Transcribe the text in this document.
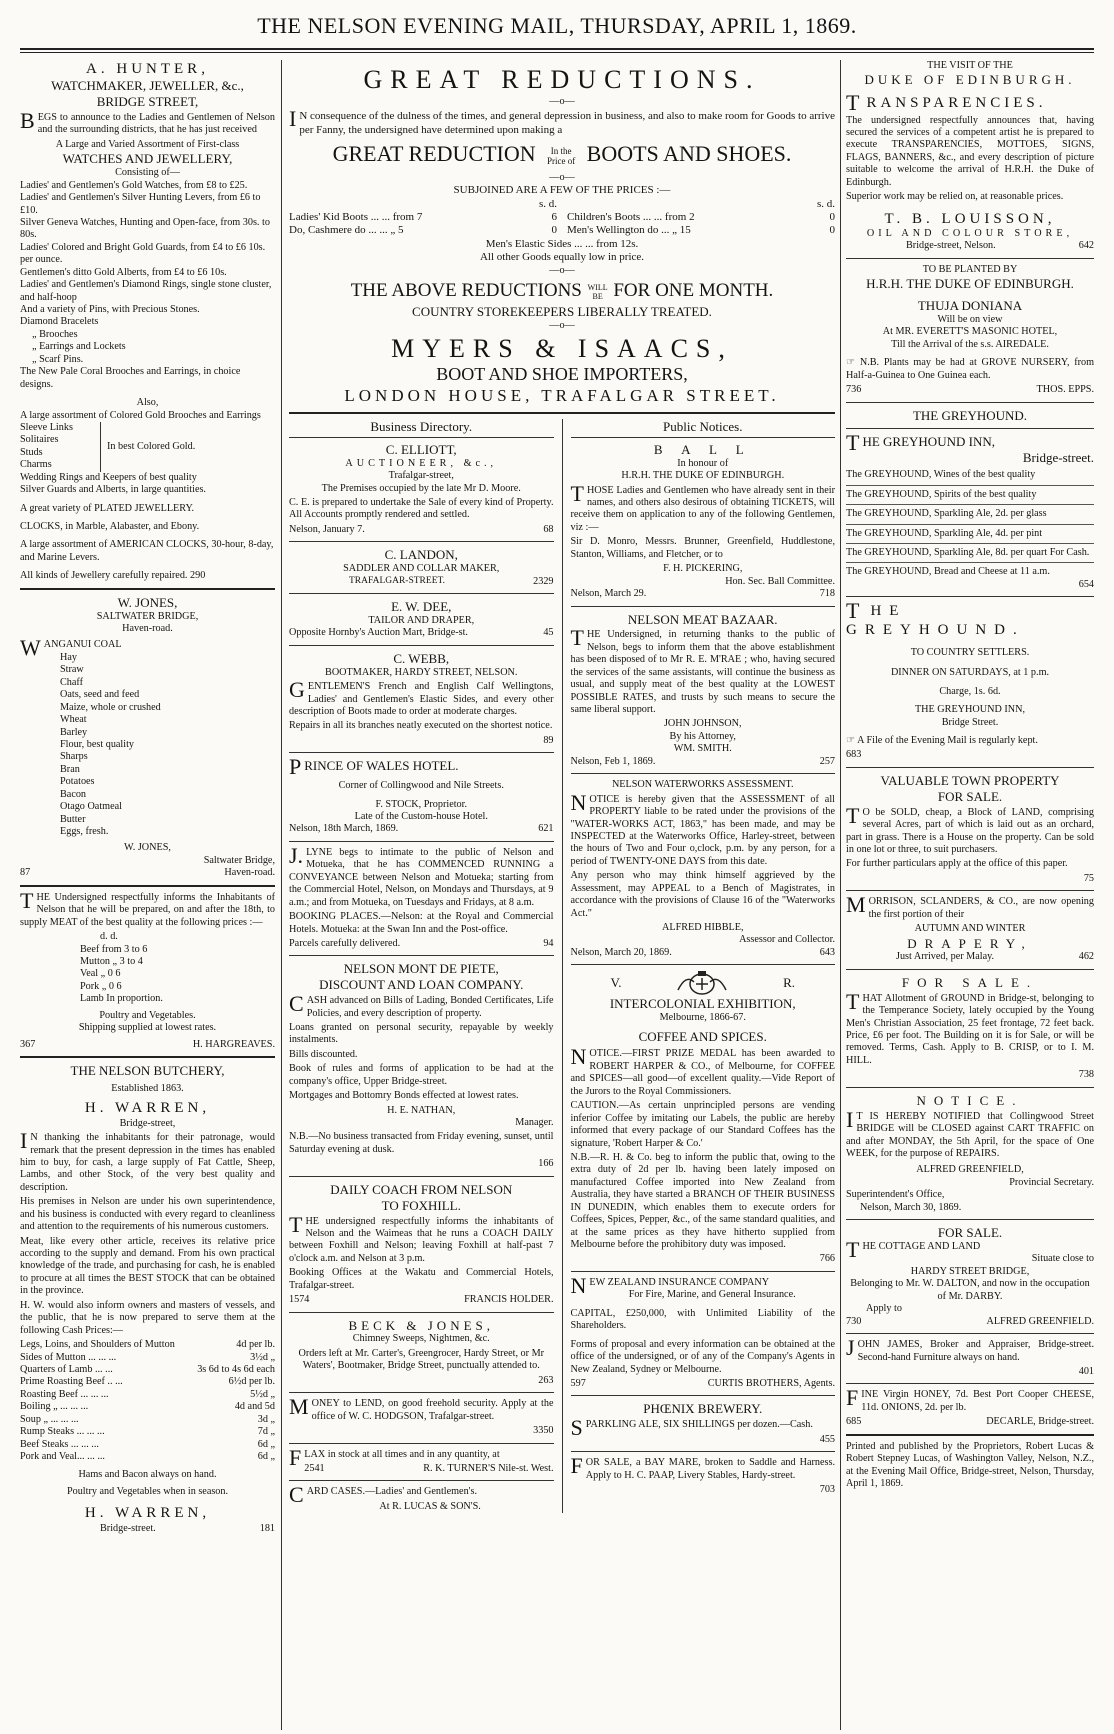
THE NELSON EVENING MAIL, THURSDAY, APRIL 1, 1869.
A. HUNTER,
WATCHMAKER, JEWELLER, &c.,
BRIDGE STREET,

BEGS to announce to the Ladies and Gentlemen of Nelson and the surrounding districts, that he has just received

A Large and Varied Assortment of First-class
WATCHES AND JEWELLERY,
Consisting of—
Ladies' and Gentlemen's Gold Watches, from £8 to £25.
Ladies' and Gentlemen's Silver Hunting Levers, from £6 to £10.
Silver Geneva Watches, Hunting and Open-face, from 30s. to 80s.
Ladies' Colored and Bright Gold Guards, from £4 to £6 10s. per ounce.
Gentlemen's ditto Gold Alberts, from £4 to £6 10s.
Ladies' and Gentlemen's Diamond Rings, single stone cluster, and half-hoop
And a variety of Pins, with Precious Stones.
Diamond Bracelets
„ Brooches
„ Earrings and Lockets
„ Scarf Pins.
The New Pale Coral Brooches and Earrings, in choice designs.
Also,
A large assortment of Colored Gold Brooches and Earrings
Sleeve Links
Solitaires
Studs
Charms
In best Colored Gold.
Wedding Rings and Keepers of best quality
Silver Guards and Alberts, in large quantities.
A great variety of PLATED JEWELLERY.
CLOCKS, in Marble, Alabaster, and Ebony.
A large assortment of AMERICAN CLOCKS, 30-hour, 8-day, and Marine Levers.
All kinds of Jewellery carefully repaired. 290
W. JONES,
SALTWATER BRIDGE,
Haven-road.
WANGANUI COAL
Hay
Straw
Chaff
Oats, seed and feed
Maize, whole or crushed
Wheat
Barley
Flour, best quality
Sharps
Bran
Potatoes
Bacon
Otago Oatmeal
Butter
Eggs, fresh.
W. JONES,
Saltwater Bridge,
87	Haven-road.

THE Undersigned respectfully informs the Inhabitants of Nelson that he will be prepared, on and after the 18th, to supply MEAT of the best quality at the following prices :—

d. d.
Beef from 3 to 6
Mutton „ 3 to 4
Veal „ 0 6
Pork „ 0 6
Lamb In proportion.
Poultry and Vegetables.
Shipping supplied at lowest rates.
367	H. HARGREAVES.
THE NELSON BUTCHERY,
Established 1863.
H. WARREN,
Bridge-street,

IN thanking the inhabitants for their patronage, would remark that the present depression in the times has enabled him to buy, for cash, a large supply of Fat Cattle, Sheep, Lambs, and other Stock, of the very best quality and description.

His premises in Nelson are under his own superintendence, and his business is conducted with every regard to cleanliness and attention to the requirements of his numerous customers.

Meat, like every other article, receives its relative price according to the supply and demand. From his own practical knowledge of the trade, and purchasing for cash, he is enabled to procure at all times the BEST STOCK that can be obtained in the province.

H. W. would also inform owners and masters of vessels, and the public, that he is now prepared to serve them at the following Cash Prices:—

Legs, Loins, and Shoulders of Mutton	4d per lb.
Sides of Mutton ... ... ...	3½d „
Quarters of Lamb ... ...	3s 6d to 4s 6d each
Prime Roasting Beef .. ...	6½d per lb.
Roasting Beef ... ... ...	5½d „
Boiling „ ... ... ...	4d and 5d
Soup „ ... ... ...	3d „
Rump Steaks ... ... ...	7d „
Beef Steaks ... ... ...	6d „
Pork and Veal... ... ...	6d „
Hams and Bacon always on hand.
Poultry and Vegetables when in season.
H. WARREN,
Bridge-street.	181
GREAT REDUCTIONS.
—o—

IN consequence of the dulness of the times, and general depression in business, and also to make room for Goods to arrive per Fanny, the undersigned have determined upon making a

GREAT REDUCTION In the Price of BOOTS AND SHOES.
—o—
SUBJOINED ARE A FEW OF THE PRICES :—
s. d.
Ladies' Kid Boots ... ... from 7	6
Do, Cashmere do ... ... „ 5	0
s. d.
Children's Boots ... ... from 2	0
Men's Wellington do ... „ 15	0
Men's Elastic Sides ... ... from 12s.
All other Goods equally low in price.
—o—
THE ABOVE REDUCTIONS WILL BE FOR ONE MONTH.
COUNTRY STOREKEEPERS LIBERALLY TREATED.
—o—
MYERS & ISAACS,
BOOT AND SHOE IMPORTERS,
LONDON HOUSE, TRAFALGAR STREET.
Business Directory.
C. ELLIOTT,
AUCTIONEER, &c.,
Trafalgar-street,
The Premises occupied by the late Mr D. Moore.

C. E. is prepared to undertake the Sale of every kind of Property. All Accounts promptly rendered and settled.

Nelson, January 7.	68
C. LANDON,
SADDLER AND COLLAR MAKER,
TRAFALGAR-STREET.	2329
E. W. DEE,
TAILOR AND DRAPER,
Opposite Hornby's Auction Mart, Bridge-st.	45
C. WEBB,
BOOTMAKER, HARDY STREET, NELSON.

GENTLEMEN'S French and English Calf Wellingtons, Ladies' and Gentlemen's Elastic Sides, and every other description of Boots made to order at moderate charges.

Repairs in all its branches neatly executed on the shortest notice.

89
PRINCE OF WALES HOTEL.
Corner of Collingwood and Nile Streets.
F. STOCK, Proprietor.
Late of the Custom-house Hotel.
Nelson, 18th March, 1869.	621

J.LYNE begs to intimate to the public of Nelson and Motueka, that he has COMMENCED RUNNING a CONVEYANCE between Nelson and Motueka; starting from the Commercial Hotel, Nelson, on Mondays and Thursdays, at 9 a.m.; and from Motueka, on Tuesdays and Fridays, at 8 a.m.

BOOKING PLACES.—Nelson: at the Royal and Commercial Hotels. Motueka: at the Swan Inn and the Post-office.

Parcels carefully delivered.	94
NELSON MONT DE PIETE,
DISCOUNT AND LOAN COMPANY.

CASH advanced on Bills of Lading, Bonded Certificates, Life Policies, and every description of property.

Loans granted on personal security, repayable by weekly instalments.

Bills discounted.

Book of rules and forms of application to be had at the company's office, Upper Bridge-street.

Mortgages and Bottomry Bonds effected at lowest rates.

H. E. NATHAN,
Manager.

N.B.—No business transacted from Friday evening, sunset, until Saturday evening at dusk.

166
DAILY COACH FROM NELSON
TO FOXHILL.

THE undersigned respectfully informs the inhabitants of Nelson and the Waimeas that he runs a COACH DAILY between Foxhill and Nelson; leaving Foxhill at half-past 7 o'clock a.m. and Nelson at 3 p.m.

Booking Offices at the Wakatu and Commercial Hotels, Trafalgar-street.

1574	FRANCIS HOLDER.
BECK & JONES,
Chimney Sweeps, Nightmen, &c.

Orders left at Mr. Carter's, Greengrocer, Hardy Street, or Mr Waters', Bootmaker, Bridge Street, punctually attended to.

263

MONEY to LEND, on good freehold security. Apply at the office of W. C. HODGSON, Trafalgar-street.

3350

FLAX in stock at all times and in any quantity, at

2541	R. K. TURNER'S Nile-st. West.

CARD CASES.—Ladies' and Gentlemen's.

At R. LUCAS & SON'S.
Public Notices.
B A L L
In honour of
H.R.H. THE DUKE OF EDINBURGH.

THOSE Ladies and Gentlemen who have already sent in their names, and others also desirous of obtaining TICKETS, will receive them on application to any of the following Gentlemen, viz :—

Sir D. Monro, Messrs. Brunner, Greenfield, Huddlestone, Stanton, Williams, and Fletcher, or to

F. H. PICKERING,
Hon. Sec. Ball Committee.
Nelson, March 29.	718
NELSON MEAT BAZAAR.

THE Undersigned, in returning thanks to the public of Nelson, begs to inform them that the above establishment has been disposed of to Mr R. E. M'RAE ; who, having secured the services of the same assistants, will continue the business as usual, and supply meat of the best quality at the LOWEST POSSIBLE RATES, and trusts by such means to secure the same liberal support.

JOHN JOHNSON,
By his Attorney,
WM. SMITH.
Nelson, Feb 1, 1869.	257
NELSON WATERWORKS ASSESSMENT.

NOTICE is hereby given that the ASSESSMENT of all PROPERTY liable to be rated under the provisions of the "WATER-WORKS ACT, 1863," has been made, and may be INSPECTED at the Waterworks Office, Harley-street, between the hours of Two and Four o,clock, p.m. by any person, for a period of TWENTY-ONE DAYS from this date.

Any person who may think himself aggrieved by the Assessment, may APPEAL to a Bench of Magistrates, in accordance with the provisions of Clause 16 of the "Waterworks Act."

ALFRED HIBBLE,
Assessor and Collector.
Nelson, March 20, 1869.	643
V.	R.
INTERCOLONIAL EXHIBITION,
Melbourne, 1866-67.
COFFEE AND SPICES.

NOTICE.—FIRST PRIZE MEDAL has been awarded to ROBERT HARPER & CO., of Melbourne, for COFFEE and SPICES—all good—of excellent quality.—Vide Report of the Jurors to the Royal Commissioners.

CAUTION.—As certain unprincipled persons are vending inferior Coffee by imitating our Labels, the public are hereby informed that every package of our Standard Coffees has the signature, 'Robert Harper & Co.'

N.B.—R. H. & Co. beg to inform the public that, owing to the extra duty of 2d per lb. having been lately imposed on manufactured Coffee imported into New Zealand from Australia, they have started a BRANCH OF THEIR BUSINESS IN DUNEDIN, which enables them to execute orders for Coffees, Spices, Pepper, &c., of the same standard qualities, and at the same prices as they have hitherto supplied from Melbourne before the prohibitory duty was imposed.

766
NEW ZEALAND INSURANCE COMPANY
For Fire, Marine, and General Insurance.

CAPITAL, £250,000, with Unlimited Liability of the Shareholders.

Forms of proposal and every information can be obtained at the office of the undersigned, or of any of the Company's Agents in New Zealand, Sydney or Melbourne.

597	CURTIS BROTHERS, Agents.
PHŒNIX BREWERY.

SPARKLING ALE, SIX SHILLINGS per dozen.—Cash.

455

FOR SALE, a BAY MARE, broken to Saddle and Harness. Apply to H. C. PAAP, Livery Stables, Hardy-street.

703
THE VISIT OF THE
DUKE OF EDINBURGH.
TRANSPARENCIES.

The undersigned respectfully announces that, having secured the services of a competent artist he is prepared to execute TRANSPARENCIES, MOTTOES, SIGNS, FLAGS, BANNERS, &c., and every description of picture suitable to welcome the arrival of H.R.H. the Duke of Edinburgh.

Superior work may be relied on, at reasonable prices.

T. B. LOUISSON,
OIL AND COLOUR STORE,
Bridge-street, Nelson.	642
TO BE PLANTED BY
H.R.H. THE DUKE OF EDINBURGH.
THUJA DONIANA
Will be on view
At MR. EVERETT'S MASONIC HOTEL,
Till the Arrival of the s.s. AIREDALE.

☞ N.B. Plants may be had at GROVE NURSERY, from Half-a-Guinea to One Guinea each.

736	THOS. EPPS.
THE GREYHOUND.
THE GREYHOUND INN,
Bridge-street.
The GREYHOUND, Wines of the best quality
The GREYHOUND, Spirits of the best quality
The GREYHOUND, Sparkling Ale, 2d. per glass
The GREYHOUND, Sparkling Ale, 4d. per pint
The GREYHOUND, Sparkling Ale, 8d. per quart For Cash.
The GREYHOUND, Bread and Cheese at 11 a.m.
654
THE GREYHOUND.
TO COUNTRY SETTLERS.
DINNER ON SATURDAYS, at 1 p.m.
Charge, 1s. 6d.
THE GREYHOUND INN,
Bridge Street.

☞ A File of the Evening Mail is regularly kept.

683
VALUABLE TOWN PROPERTY
FOR SALE.

TO be SOLD, cheap, a Block of LAND, comprising several Acres, part of which is laid out as an orchard, part in grass. There is a House on the property. Can be sold in one lot or three, to suit purchasers.

For further particulars apply at the office of this paper.

75

MORRISON, SCLANDERS, & CO., are now opening the first portion of their

AUTUMN AND WINTER
DRAPERY,
Just Arrived, per Malay.	462
FOR SALE.

THAT Allotment of GROUND in Bridge-st, belonging to the Temperance Society, lately occupied by the Young Men's Christian Association, 25 feet frontage, 72 feet back. Price, £6 per foot. The Building on it is for Sale, or will be removed. Terms, Cash. Apply to B. CRISP, or to I. M. HILL.

738
NOTICE.

IT IS HEREBY NOTIFIED that Collingwood Street BRIDGE will be CLOSED against CART TRAFFIC on and after MONDAY, the 5th April, for the space of One WEEK, for the purpose of REPAIRS.

ALFRED GREENFIELD,
Provincial Secretary.
Superintendent's Office,
Nelson, March 30, 1869.
FOR SALE.
THE COTTAGE AND LAND
Situate close to
HARDY STREET BRIDGE,
Belonging to Mr. W. DALTON, and now in the occupation of Mr. DARBY.
Apply to
730	ALFRED GREENFIELD.

JOHN JAMES, Broker and Appraiser, Bridge-street. Second-hand Furniture always on hand.

401

FINE Virgin HONEY, 7d. Best Port Cooper CHEESE, 11d. ONIONS, 2d. per lb.

685	DECARLE, Bridge-street.

Printed and published by the Proprietors, Robert Lucas & Robert Stepney Lucas, of Washington Valley, Nelson, N.Z., at the Evening Mail Office, Bridge-street, Nelson, Thursday, April 1, 1869.
